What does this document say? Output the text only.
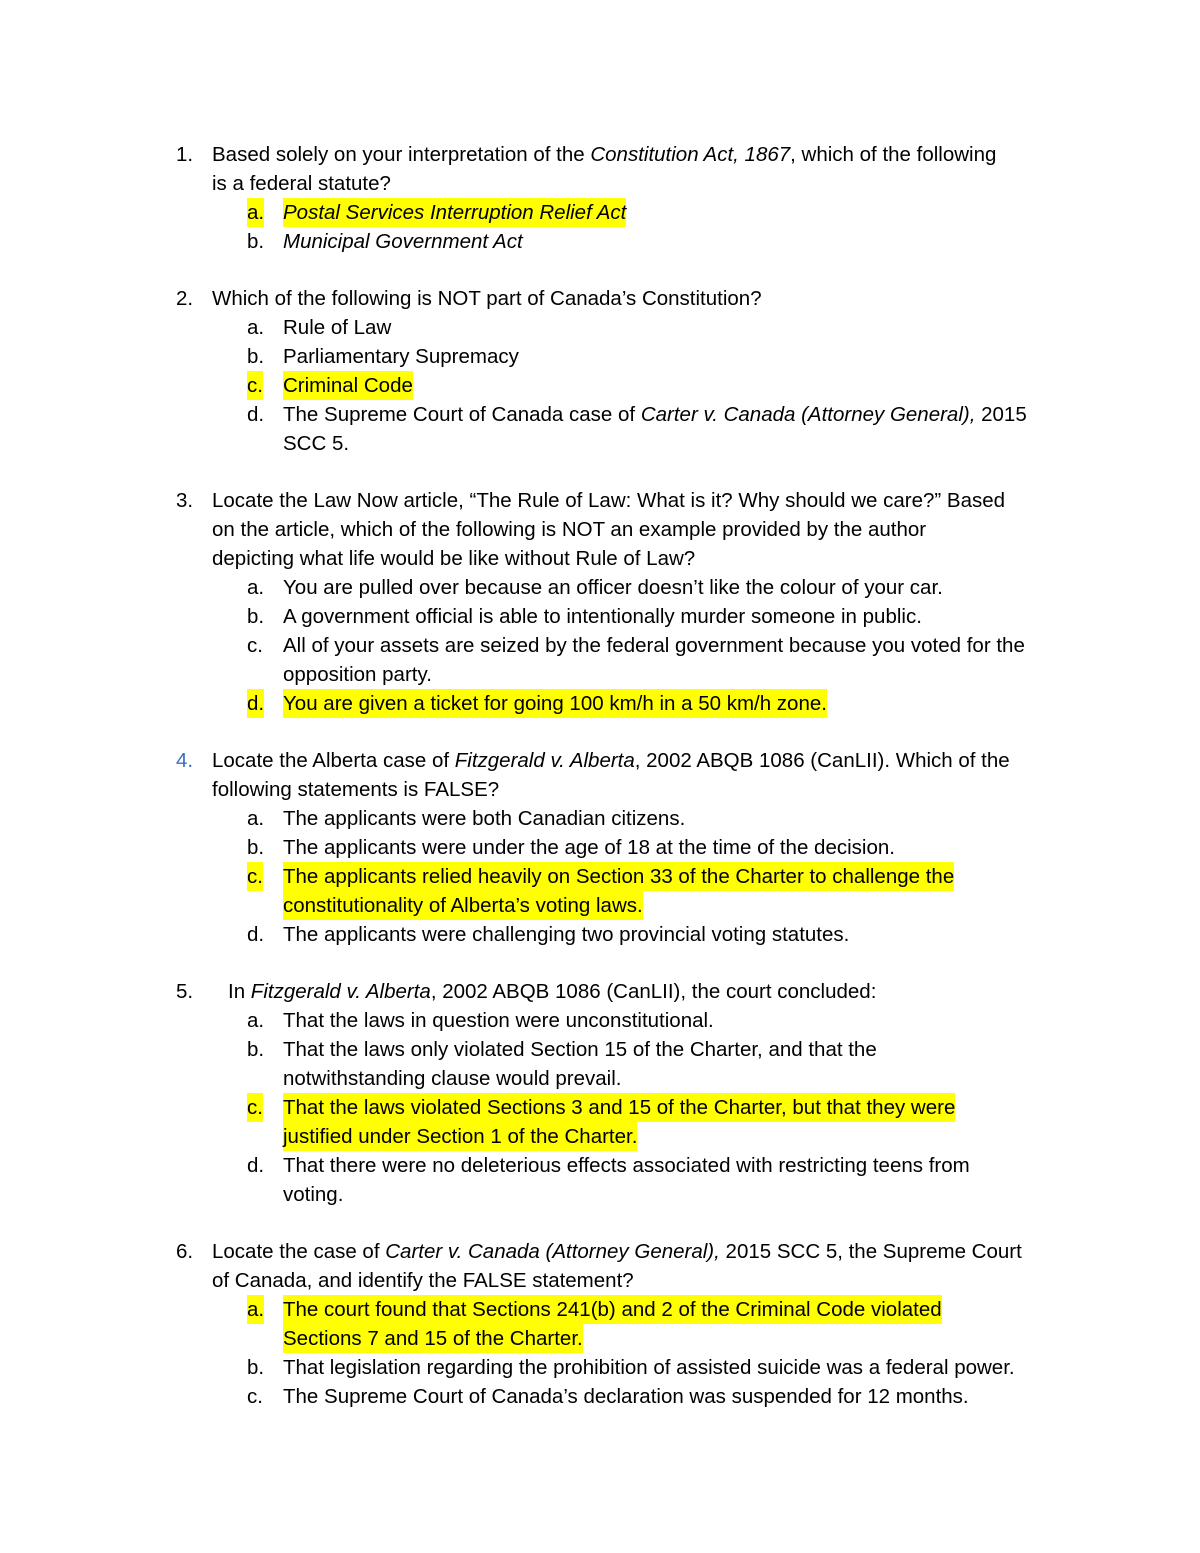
1. Based solely on your interpretation of the Constitution Act, 1867, which of the following
is a federal statute?
a. Postal Services Interruption Relief Act
b. Municipal Government Act
2. Which of the following is NOT part of Canada’s Constitution?
a. Rule of Law
b. Parliamentary Supremacy
c. Criminal Code
d. The Supreme Court of Canada case of Carter v. Canada (Attorney General), 2015
SCC 5.
3. Locate the Law Now article, “The Rule of Law: What is it? Why should we care?” Based
on the article, which of the following is NOT an example provided by the author
depicting what life would be like without Rule of Law?
a. You are pulled over because an officer doesn’t like the colour of your car.
b. A government official is able to intentionally murder someone in public.
c. All of your assets are seized by the federal government because you voted for the
opposition party.
d. You are given a ticket for going 100 km/h in a 50 km/h zone.
4. Locate the Alberta case of Fitzgerald v. Alberta, 2002 ABQB 1086 (CanLII). Which of the
following statements is FALSE?
a. The applicants were both Canadian citizens.
b. The applicants were under the age of 18 at the time of the decision.
c. The applicants relied heavily on Section 33 of the Charter to challenge the
constitutionality of Alberta’s voting laws.
d. The applicants were challenging two provincial voting statutes.
5. In Fitzgerald v. Alberta, 2002 ABQB 1086 (CanLII), the court concluded:
a. That the laws in question were unconstitutional.
b. That the laws only violated Section 15 of the Charter, and that the
notwithstanding clause would prevail.
c. That the laws violated Sections 3 and 15 of the Charter, but that they were
justified under Section 1 of the Charter.
d. That there were no deleterious effects associated with restricting teens from
voting.
6. Locate the case of Carter v. Canada (Attorney General), 2015 SCC 5, the Supreme Court
of Canada, and identify the FALSE statement?
a. The court found that Sections 241(b) and 2 of the Criminal Code violated
Sections 7 and 15 of the Charter.
b. That legislation regarding the prohibition of assisted suicide was a federal power.
c. The Supreme Court of Canada’s declaration was suspended for 12 months.
